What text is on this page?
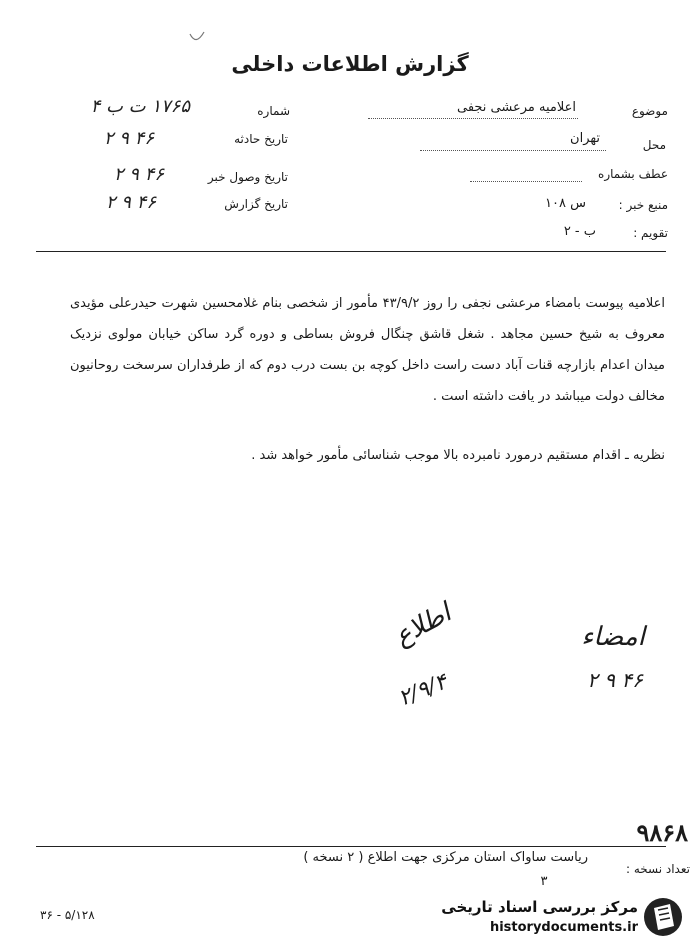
گزارش اطلاعات داخلی
شماره
۱۷۶۵ ت ب ۴
تاریخ حادثه
۲ ۹ ۴۶
تاریخ وصول خبر
۲ ۹ ۴۶
تاریخ گزارش
۲ ۹ ۴۶
موضوع
اعلامیه مرعشی نجفی
محل
تهران
عطف بشماره
منبع خبر :
س ۱۰۸
تقویم :
ب - ۲
اعلامیه پیوست بامضاء مرعشی نجفی را روز ۴۳/۹/۲ مأمور از شخصی بنام غلامحسین شهرت حیدرعلی مؤیدی معروف به شیخ حسین مجاهد . شغل قاشق چنگال فروش بساطی و دوره گرد ساکن خیابان مولوی نزدیک میدان اعدام بازارچه قنات آباد دست راست داخل کوچه بن بست درب دوم که از طرفداران سرسخت روحانیون مخالف دولت میباشد در یافت داشته است .
نظریه ـ اقدام مستقیم درمورد نامبرده بالا موجب شناسائی مأمور خواهد شد .
اطلاع
۲/۹/۴
امضاء
۲ ۹ ۴۶
۹۸۶۸
ریاست ساواک استان مرکزی جهت اطلاع ( ۲ نسخه )
تعداد نسخه :
۳
۳۶ - ۵/۱۲۸	مرکز بررسی اسناد تاریخی
historydocuments.ir
